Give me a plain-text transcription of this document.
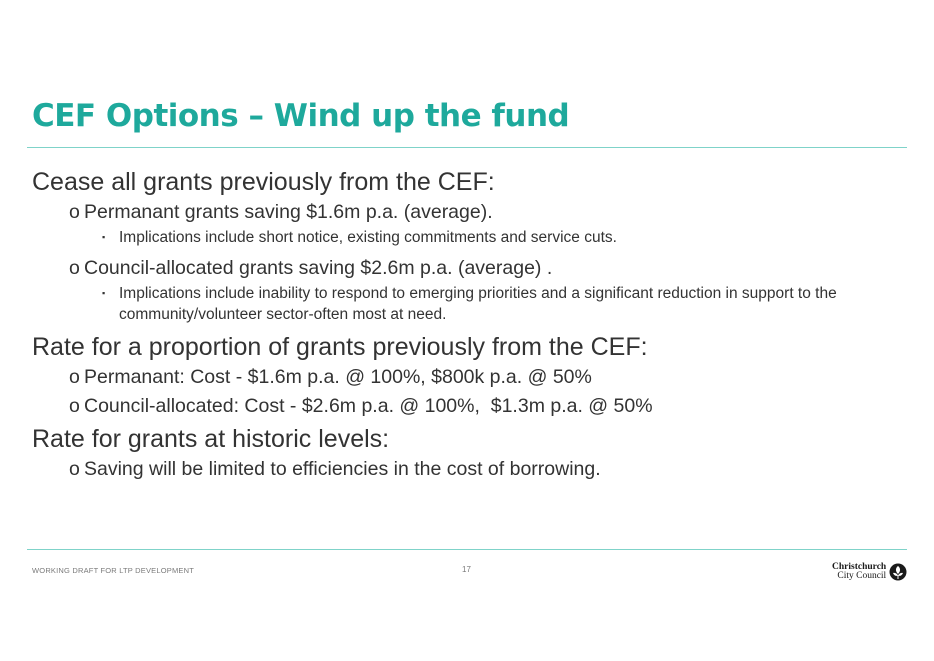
CEF Options – Wind up the fund
Cease all grants previously from the CEF:
o Permanant grants saving $1.6m p.a. (average).
▪ Implications include short notice, existing commitments and service cuts.
o Council-allocated grants saving $2.6m p.a. (average) .
▪ Implications include inability to respond to emerging priorities and a significant reduction in support to the community/volunteer sector-often most at need.
Rate for a proportion of grants previously from the CEF:
o Permanant: Cost - $1.6m p.a. @ 100%, $800k p.a. @ 50%
o Council-allocated: Cost - $2.6m p.a. @ 100%,  $1.3m p.a. @ 50%
Rate for grants at historic levels:
o Saving will be limited to efficiencies in the cost of borrowing.
WORKING DRAFT FOR LTP DEVELOPMENT	17	Christchurch
City Council
